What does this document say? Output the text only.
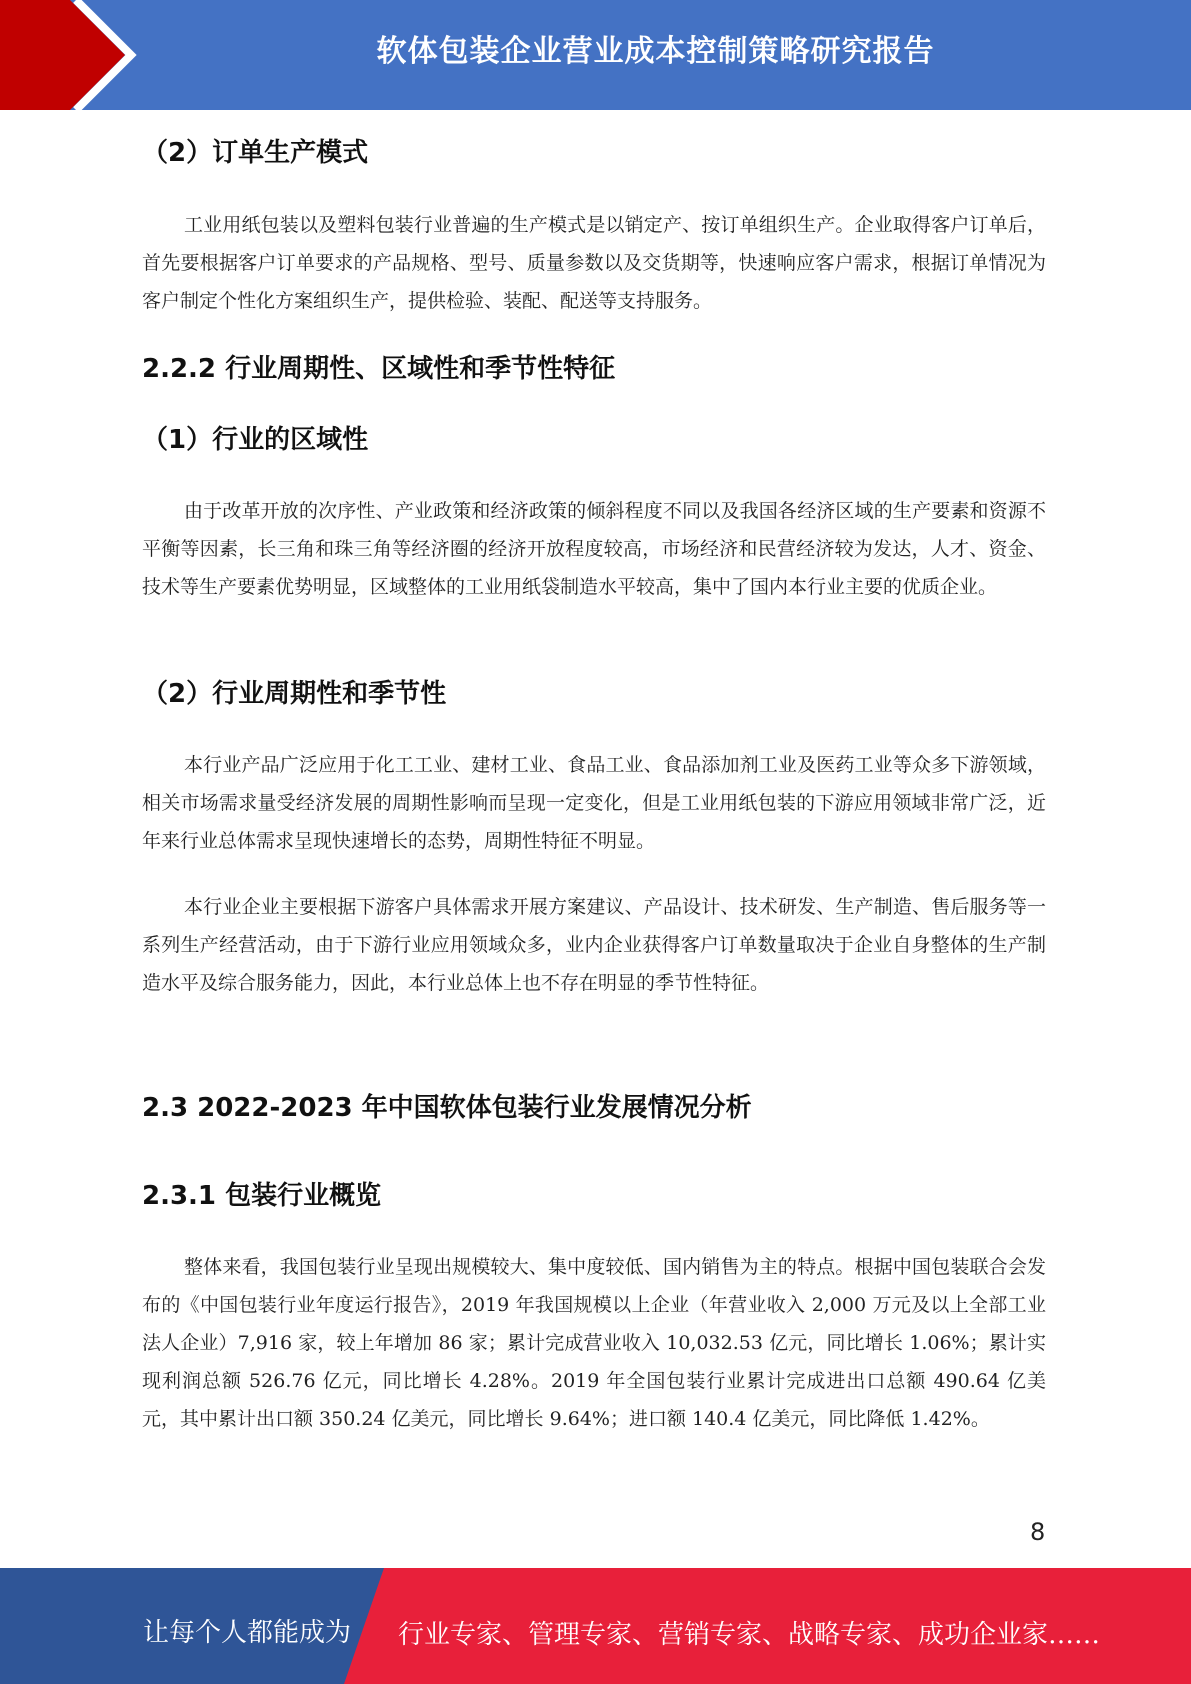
软体包装企业营业成本控制策略研究报告
（2）订单生产模式

工业用纸包装以及塑料包装行业普遍的生产模式是以销定产、按订单组织生产。企业取得客户订单后，首先要根据客户订单要求的产品规格、型号、质量参数以及交货期等，快速响应客户需求，根据订单情况为客户制定个性化方案组织生产，提供检验、装配、配送等支持服务。

2.2.2 行业周期性、区域性和季节性特征
（1）行业的区域性

由于改革开放的次序性、产业政策和经济政策的倾斜程度不同以及我国各经济区域的生产要素和资源不平衡等因素，长三角和珠三角等经济圈的经济开放程度较高，市场经济和民营经济较为发达，人才、资金、技术等生产要素优势明显，区域整体的工业用纸袋制造水平较高，集中了国内本行业主要的优质企业。

（2）行业周期性和季节性

本行业产品广泛应用于化工工业、建材工业、食品工业、食品添加剂工业及医药工业等众多下游领域，相关市场需求量受经济发展的周期性影响而呈现一定变化，但是工业用纸包装的下游应用领域非常广泛，近年来行业总体需求呈现快速增长的态势，周期性特征不明显。

本行业企业主要根据下游客户具体需求开展方案建议、产品设计、技术研发、生产制造、售后服务等一系列生产经营活动，由于下游行业应用领域众多，业内企业获得客户订单数量取决于企业自身整体的生产制造水平及综合服务能力，因此，本行业总体上也不存在明显的季节性特征。

2.3 2022-2023 年中国软体包装行业发展情况分析
2.3.1 包装行业概览

整体来看，我国包装行业呈现出规模较大、集中度较低、国内销售为主的特点。根据中国包装联合会发布的《中国包装行业年度运行报告》，2019 年我国规模以上企业（年营业收入 2,000 万元及以上全部工业法人企业）7,916 家，较上年增加 86 家；累计完成营业收入 10,032.53 亿元，同比增长 1.06%；累计实现利润总额 526.76 亿元，同比增长 4.28%。2019 年全国包装行业累计完成进出口总额 490.64 亿美元，其中累计出口额 350.24 亿美元，同比增长 9.64%；进口额 140.4 亿美元，同比降低 1.42%。

8
让每个人都能成为 行业专家、管理专家、营销专家、战略专家、成功企业家……
